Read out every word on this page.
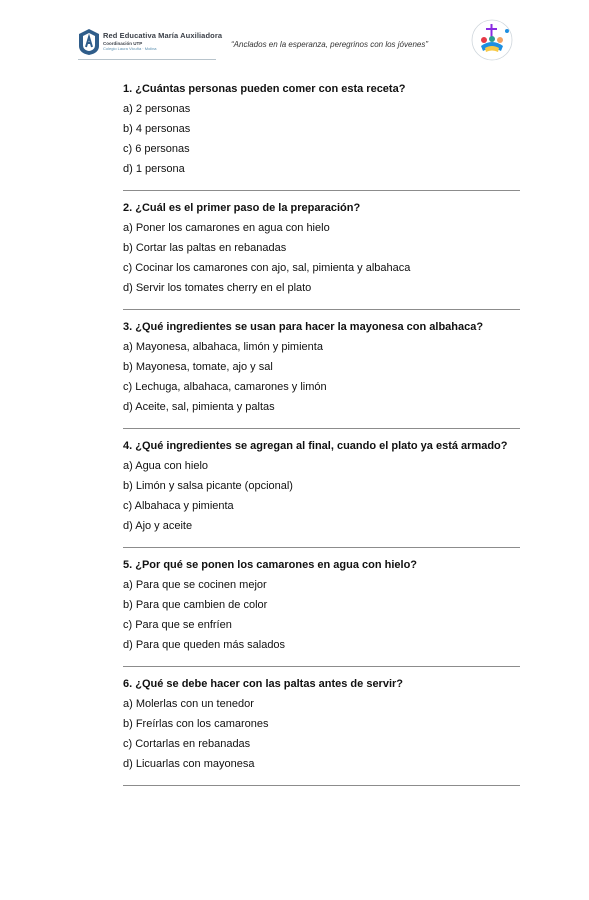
Red Educativa María Auxiliadora
Coordinación UTP
Colegio Laura Vicuña · Molina	“Anclados en la esperanza, peregrinos con los jóvenes”
1. ¿Cuántas personas pueden comer con esta receta?
a) 2 personas
b) 4 personas
c) 6 personas
d) 1 persona
2. ¿Cuál es el primer paso de la preparación?
a) Poner los camarones en agua con hielo
b) Cortar las paltas en rebanadas
c) Cocinar los camarones con ajo, sal, pimienta y albahaca
d) Servir los tomates cherry en el plato
3. ¿Qué ingredientes se usan para hacer la mayonesa con albahaca?
a) Mayonesa, albahaca, limón y pimienta
b) Mayonesa, tomate, ajo y sal
c) Lechuga, albahaca, camarones y limón
d) Aceite, sal, pimienta y paltas
4. ¿Qué ingredientes se agregan al final, cuando el plato ya está armado?
a) Agua con hielo
b) Limón y salsa picante (opcional)
c) Albahaca y pimienta
d) Ajo y aceite
5. ¿Por qué se ponen los camarones en agua con hielo?
a) Para que se cocinen mejor
b) Para que cambien de color
c) Para que se enfríen
d) Para que queden más salados
6. ¿Qué se debe hacer con las paltas antes de servir?
a) Molerlas con un tenedor
b) Freírlas con los camarones
c) Cortarlas en rebanadas
d) Licuarlas con mayonesa
